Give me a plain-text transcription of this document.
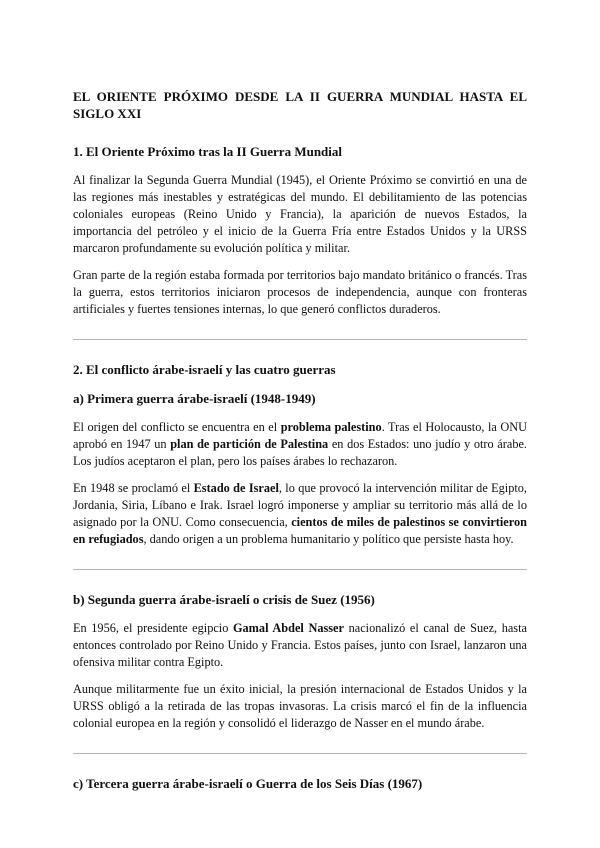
EL ORIENTE PRÓXIMO DESDE LA II GUERRA MUNDIAL HASTA EL SIGLO XXI
1. El Oriente Próximo tras la II Guerra Mundial

Al finalizar la Segunda Guerra Mundial (1945), el Oriente Próximo se convirtió en una de las regiones más inestables y estratégicas del mundo. El debilitamiento de las potencias coloniales europeas (Reino Unido y Francia), la aparición de nuevos Estados, la importancia del petróleo y el inicio de la Guerra Fría entre Estados Unidos y la URSS marcaron profundamente su evolución política y militar.

Gran parte de la región estaba formada por territorios bajo mandato británico o francés. Tras la guerra, estos territorios iniciaron procesos de independencia, aunque con fronteras artificiales y fuertes tensiones internas, lo que generó conflictos duraderos.

2. El conflicto árabe-israelí y las cuatro guerras
a) Primera guerra árabe-israelí (1948-1949)

El origen del conflicto se encuentra en el problema palestino. Tras el Holocausto, la ONU aprobó en 1947 un plan de partición de Palestina en dos Estados: uno judío y otro árabe. Los judíos aceptaron el plan, pero los países árabes lo rechazaron.

En 1948 se proclamó el Estado de Israel, lo que provocó la intervención militar de Egipto, Jordania, Siria, Líbano e Irak. Israel logró imponerse y ampliar su territorio más allá de lo asignado por la ONU. Como consecuencia, cientos de miles de palestinos se convirtieron en refugiados, dando origen a un problema humanitario y político que persiste hasta hoy.

b) Segunda guerra árabe-israelí o crisis de Suez (1956)

En 1956, el presidente egipcio Gamal Abdel Nasser nacionalizó el canal de Suez, hasta entonces controlado por Reino Unido y Francia. Estos países, junto con Israel, lanzaron una ofensiva militar contra Egipto.

Aunque militarmente fue un éxito inicial, la presión internacional de Estados Unidos y la URSS obligó a la retirada de las tropas invasoras. La crisis marcó el fin de la influencia colonial europea en la región y consolidó el liderazgo de Nasser en el mundo árabe.

c) Tercera guerra árabe-israelí o Guerra de los Seis Días (1967)
